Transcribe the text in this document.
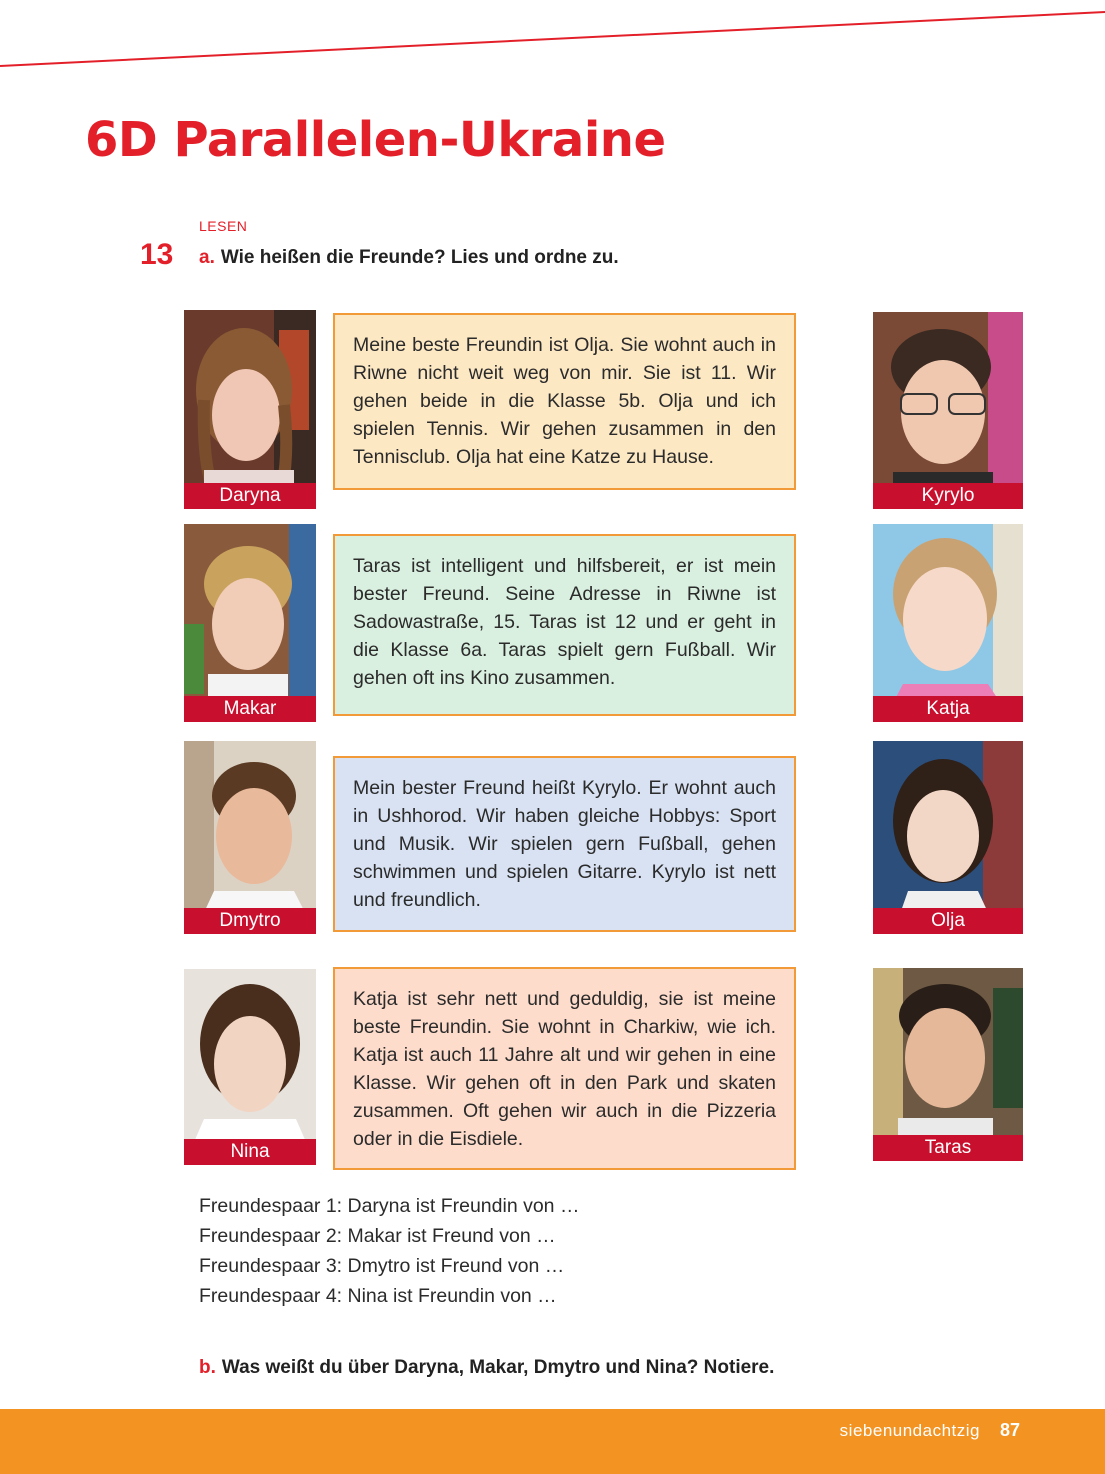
6D Parallelen-Ukraine
LESEN
13 a. Wie heißen die Freunde? Lies und ordne zu.
Daryna
Makar
Dmytro
Nina
Meine beste Freundin ist Olja. Sie wohnt auch in Riwne nicht weit weg von mir. Sie ist 11. Wir gehen beide in die Klasse 5b. Olja und ich spielen Tennis. Wir gehen zusammen in den Tennisclub. Olja hat eine Katze zu Hause.
Taras ist intelligent und hilfsbereit, er ist mein bester Freund. Seine Adresse in Riwne ist Sadowastraße, 15. Taras ist 12 und er geht in die Klasse 6a. Taras spielt gern Fußball. Wir gehen oft ins Kino zusammen.
Mein bester Freund heißt Kyrylo. Er wohnt auch in Ushhorod. Wir haben gleiche Hobbys: Sport und Musik. Wir spielen gern Fußball, gehen schwimmen und spielen Gitarre. Kyrylo ist nett und freundlich.
Katja ist sehr nett und geduldig, sie ist meine beste Freundin. Sie wohnt in Charkiw, wie ich. Katja ist auch 11 Jahre alt und wir gehen in eine Klasse. Wir gehen oft in den Park und skaten zusammen. Oft gehen wir auch in die Pizzeria oder in die Eisdiele.
Kyrylo
Katja
Olja
Taras
Freundespaar 1: Daryna ist Freundin von …
Freundespaar 2: Makar ist Freund von …
Freundespaar 3: Dmytro ist Freund von …
Freundespaar 4: Nina ist Freundin von …
b. Was weißt du über Daryna, Makar, Dmytro und Nina? Notiere.
siebenundachtzig 87
